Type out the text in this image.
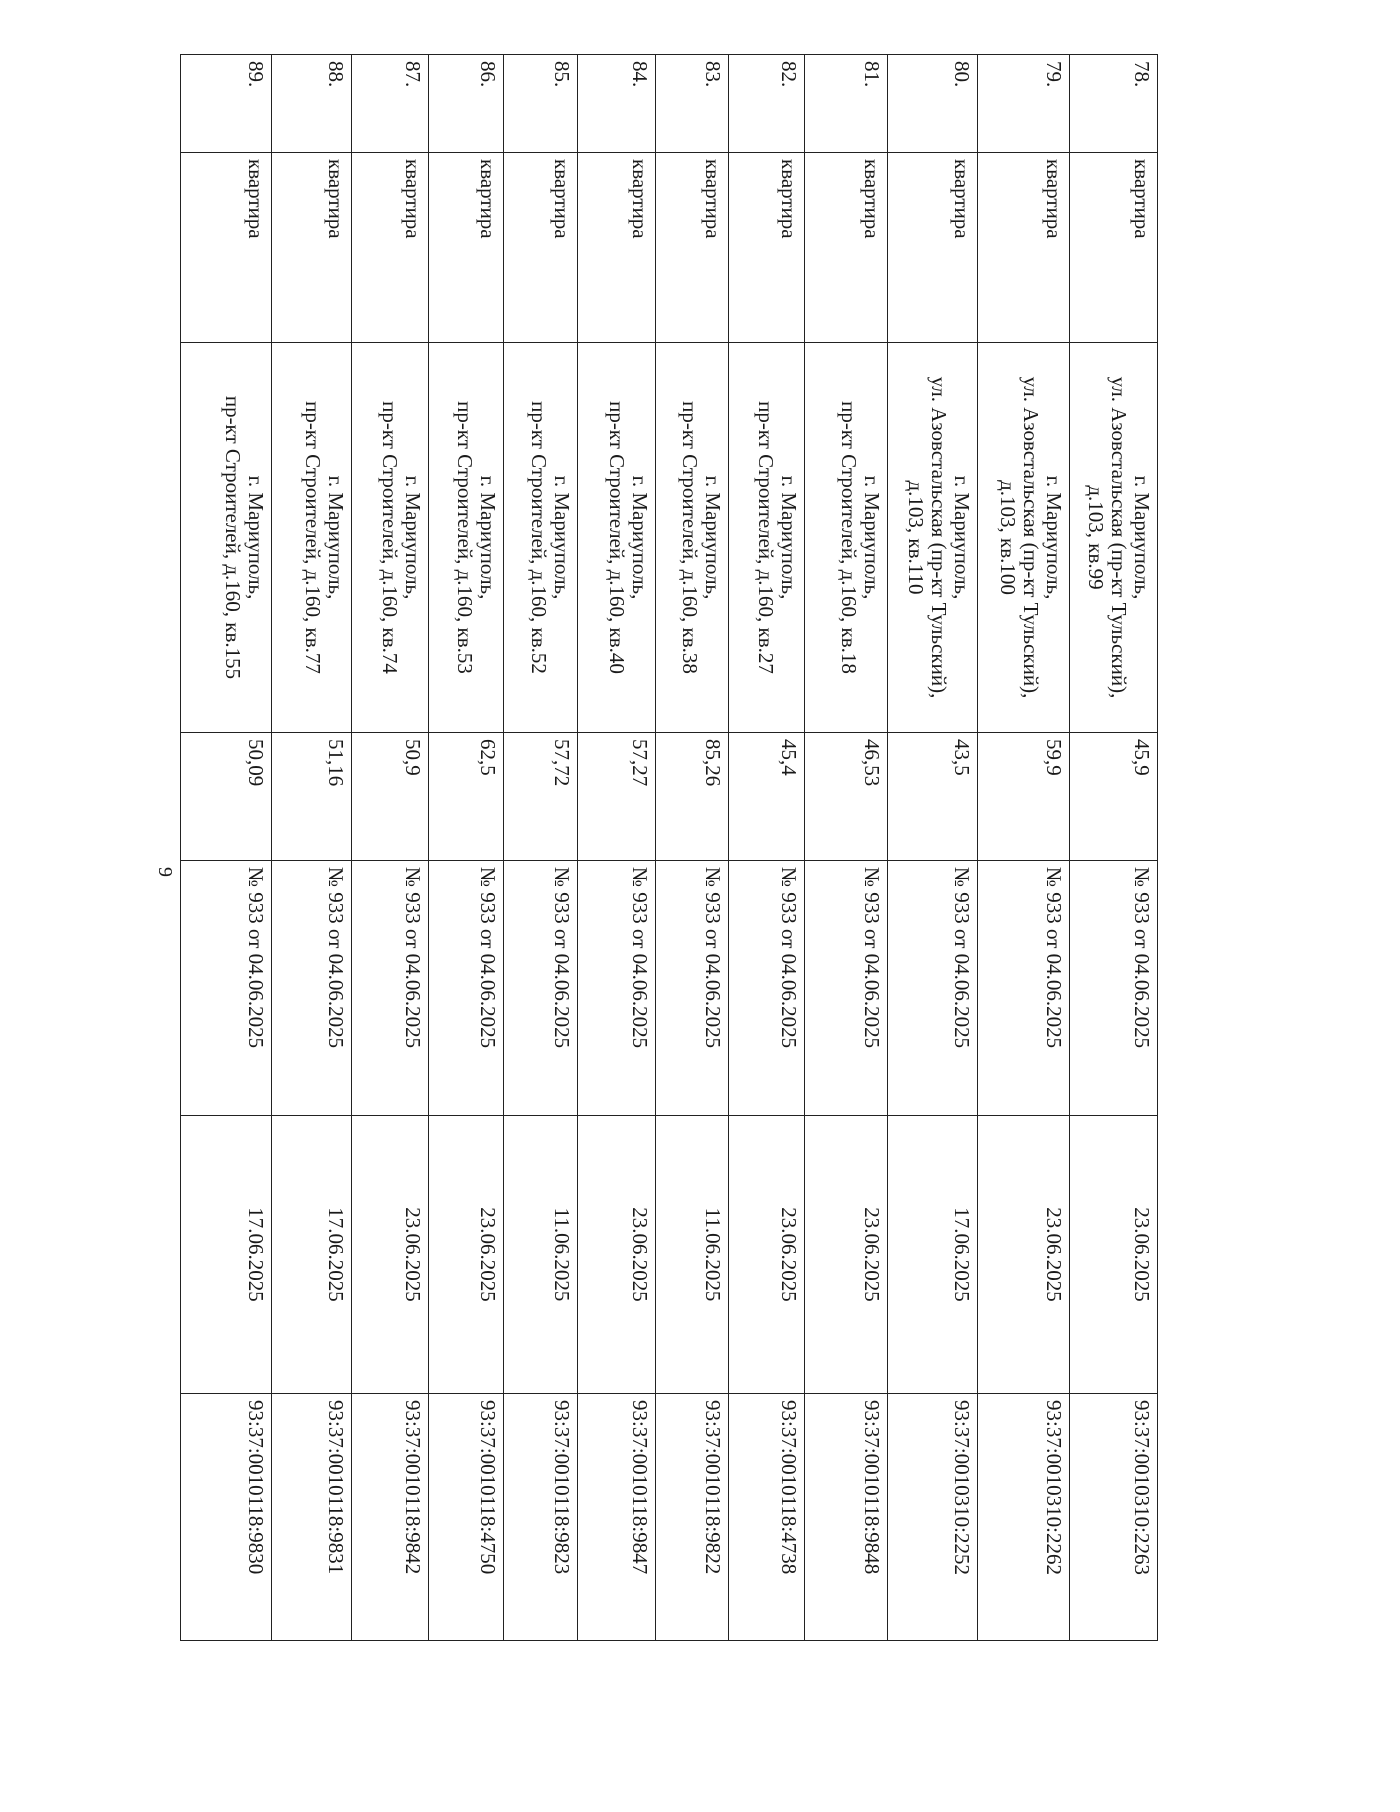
9
78.	квартира	г. Мариуполь,
ул. Азовстальская (пр-кт Тульский),
д.103, кв.99	45,9	№ 933 от 04.06.2025	23.06.2025	93:37:0010310:2263
79.	квартира	г. Мариуполь,
ул. Азовстальская (пр-кт Тульский),
д.103, кв.100	59,9	№ 933 от 04.06.2025	23.06.2025	93:37:0010310:2262
80.	квартира	г. Мариуполь,
ул. Азовстальская (пр-кт Тульский),
д.103, кв.110	43,5	№ 933 от 04.06.2025	17.06.2025	93:37:0010310:2252
81.	квартира	г. Мариуполь,
пр-кт Строителей, д.160, кв.18	46,53	№ 933 от 04.06.2025	23.06.2025	93:37:0010118:9848
82.	квартира	г. Мариуполь,
пр-кт Строителей, д.160, кв.27	45,4	№ 933 от 04.06.2025	23.06.2025	93:37:0010118:4738
83.	квартира	г. Мариуполь,
пр-кт Строителей, д.160, кв.38	85,26	№ 933 от 04.06.2025	11.06.2025	93:37:0010118:9822
84.	квартира	г. Мариуполь,
пр-кт Строителей, д.160, кв.40	57,27	№ 933 от 04.06.2025	23.06.2025	93:37:0010118:9847
85.	квартира	г. Мариуполь,
пр-кт Строителей, д.160, кв.52	57,72	№ 933 от 04.06.2025	11.06.2025	93:37:0010118:9823
86.	квартира	г. Мариуполь,
пр-кт Строителей, д.160, кв.53	62,5	№ 933 от 04.06.2025	23.06.2025	93:37:0010118:4750
87.	квартира	г. Мариуполь,
пр-кт Строителей, д.160, кв.74	50,9	№ 933 от 04.06.2025	23.06.2025	93:37:0010118:9842
88.	квартира	г. Мариуполь,
пр-кт Строителей, д.160, кв.77	51,16	№ 933 от 04.06.2025	17.06.2025	93:37:0010118:9831
89.	квартира	г. Мариуполь,
пр-кт Строителей, д.160, кв.155	50,09	№ 933 от 04.06.2025	17.06.2025	93:37:0010118:9830
